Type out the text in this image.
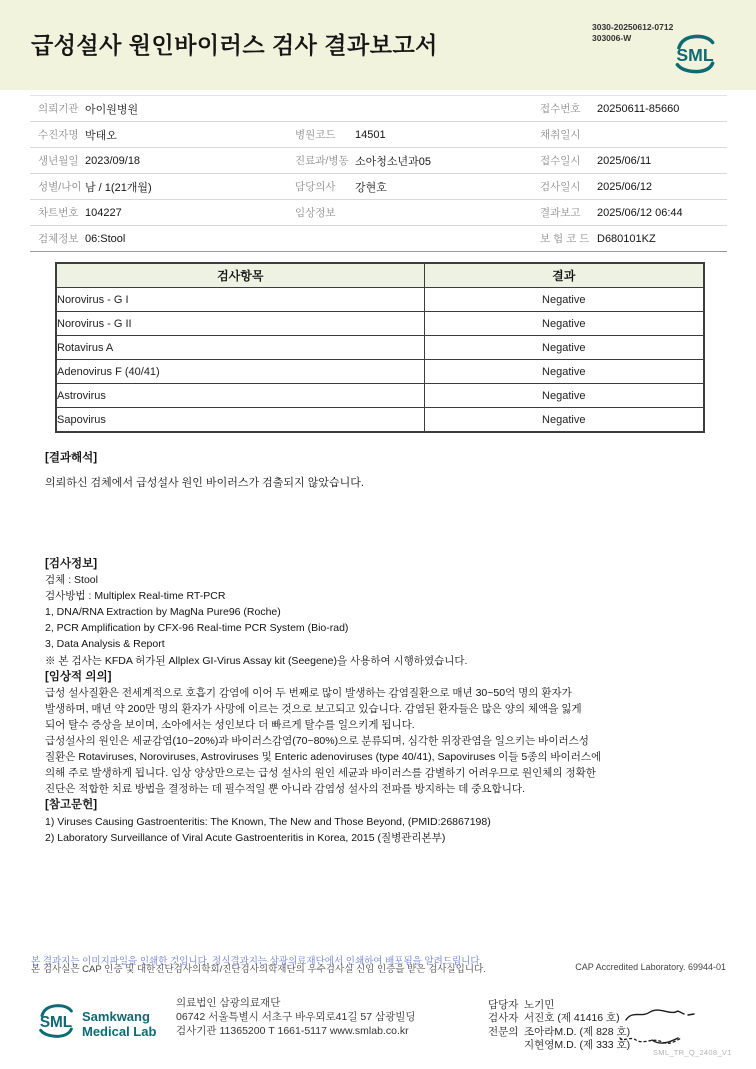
급성설사 원인바이러스 검사 결과보고서
3030-20250612-0712
303006-W
SML
의뢰기관 아이원병원	접수번호	20250611-85660
수진자명 박태오	병원코드	14501	채취일시
생년월일 2023/09/18	진료과/병동 소아청소년과05	접수일시	2025/06/11
성별/나이 남 / 1(21개월)	담당의사	강현호	검사일시	2025/06/12
차트번호 104227	임상정보	결과보고	2025/06/12 06:44
검체정보 06:Stool	보 험 코 드 D680101KZ
검사항목	결과
Norovirus - G I	Negative
Norovirus - G II	Negative
Rotavirus A	Negative
Adenovirus F (40/41)	Negative
Astrovirus	Negative
Sapovirus	Negative
[결과해석]
의뢰하신 검체에서 급성설사 원인 바이러스가 검출되지 않았습니다.
[검사정보]
검체 : Stool
검사방법 : Multiplex Real-time RT-PCR
1, DNA/RNA Extraction by MagNa Pure96 (Roche)
2, PCR Amplification by CFX-96 Real-time PCR System (Bio-rad)
3, Data Analysis & Report
※ 본 검사는 KFDA 허가된 Allplex GI-Virus Assay kit (Seegene)을 사용하여 시행하였습니다.
[임상적 의의]
급성 설사질환은 전세계적으로 호흡기 감염에 이어 두 번째로 많이 발생하는 감염질환으로 매년 30~50억 명의 환자가
발생하며, 매년 약 200만 명의 환자가 사망에 이르는 것으로 보고되고 있습니다. 감염된 환자들은 많은 양의 체액을 잃게
되어 탈수 증상을 보이며, 소아에서는 성인보다 더 빠르게 탈수를 일으키게 됩니다.
급성설사의 원인은 세균감염(10~20%)과 바이러스감염(70~80%)으로 분류되며, 심각한 위장관염을 일으키는 바이러스성
질환은 Rotaviruses, Noroviruses, Astroviruses 및 Enteric adenoviruses (type 40/41), Sapoviruses 이들 5종의 바이러스에
의해 주로 발생하게 됩니다. 임상 양상만으로는 급성 설사의 원인 세균과 바이러스를 감별하기 어려우므로 원인체의 정확한
진단은 적합한 치료 방법을 결정하는 데 필수적일 뿐 아니라 감염성 설사의 전파를 방지하는 데 중요합니다.
[참고문헌]
1) Viruses Causing Gastroenteritis: The Known, The New and Those Beyond, (PMID:26867198)
2) Laboratory Surveillance of Viral Acute Gastroenteritis in Korea, 2015 (질병관리본부)
본 결과지는 이미지파일을 인쇄한 것입니다. 정식결과지는 삼광의료재단에서 인쇄하여 배포됨을 알려드립니다.
본 검사실은 CAP 인증 및 대한진단검사의학회/진단검사의학재단의 우수검사실 신임 인증을 받은 검사실입니다.	CAP Accredited Laboratory. 69944-01
SML Samkwang
Medical Lab
의료법인 삼광의료재단
06742 서울특별시 서초구 바우뫼로41길 57 삼광빌딩
검사기관 11365200 T 1661-5117 www.smlab.co.kr
담당자 노기민
검사자 서진호 (제 41416 호)
전문의 조아라M.D. (제 828 호)
지현영M.D. (제 333 호)
SML_TR_Q_2408_V1
